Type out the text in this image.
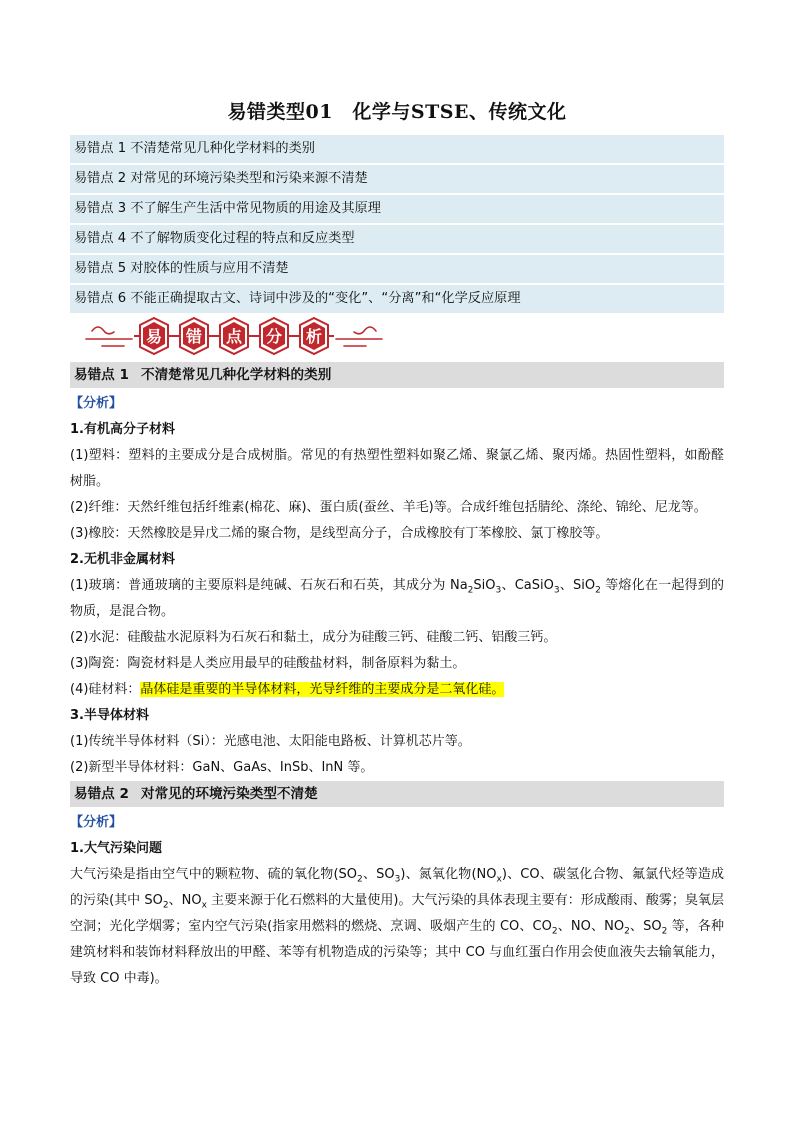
易错类型01　化学与STSE、传统文化
易错点 1 不清楚常见几种化学材料的类别
易错点 2 对常见的环境污染类型和污染来源不清楚
易错点 3 不了解生产生活中常见物质的用途及其原理
易错点 4 不了解物质变化过程的特点和反应类型
易错点 5 对胶体的性质与应用不清楚
易错点 6 不能正确提取古文、诗词中涉及的“变化”、“分离”和“化学反应原理
易 错 点 分 析
易错点 1 不清楚常见几种化学材料的类别
【分析】
1.有机高分子材料
(1)塑料：塑料的主要成分是合成树脂。常见的有热塑性塑料如聚乙烯、聚氯乙烯、聚丙烯。热固性塑料，如酚醛树脂。
(2)纤维：天然纤维包括纤维素(棉花、麻)、蛋白质(蚕丝、羊毛)等。合成纤维包括腈纶、涤纶、锦纶、尼龙等。
(3)橡胶：天然橡胶是异戊二烯的聚合物，是线型高分子，合成橡胶有丁苯橡胶、氯丁橡胶等。
2.无机非金属材料
(1)玻璃：普通玻璃的主要原料是纯碱、石灰石和石英，其成分为 $Na_2SiO_3$、CaSiO$_3$、SiO$_2$ 等熔化在一起得到的物质，是混合物。
(2)水泥：硅酸盐水泥原料为石灰石和黏土，成分为硅酸三钙、硅酸二钙、铝酸三钙。
(3)陶瓷：陶瓷材料是人类应用最早的硅酸盐材料，制备原料为黏土。
(4)硅材料：晶体硅是重要的半导体材料，光导纤维的主要成分是二氧化硅。
3.半导体材料
(1)传统半导体材料（Si）：光感电池、太阳能电路板、计算机芯片等。
(2)新型半导体材料：GaN、GaAs、InSb、InN 等。
易错点 2 对常见的环境污染类型不清楚
【分析】
1.大气污染问题
大气污染是指由空气中的颗粒物、硫的氧化物($SO_2$、$SO_3$)、氮氧化物$(NO_x)$、CO、碳氢化合物、氟氯代烃等造成的污染(其中 $SO_2$、$NO_x$ 主要来源于化石燃料的大量使用)。大气污染的具体表现主要有：形成酸雨、酸雾；臭氧层空洞；光化学烟雾；室内空气污染(指家用燃料的燃烧、烹调、吸烟产生的 CO、$CO_2$、NO、$NO_2$、$SO_2$ 等，各种建筑材料和装饰材料释放出的甲醛、苯等有机物造成的污染等；其中 CO 与血红蛋白作用会使血液失去输氧能力，导致 CO 中毒)。
